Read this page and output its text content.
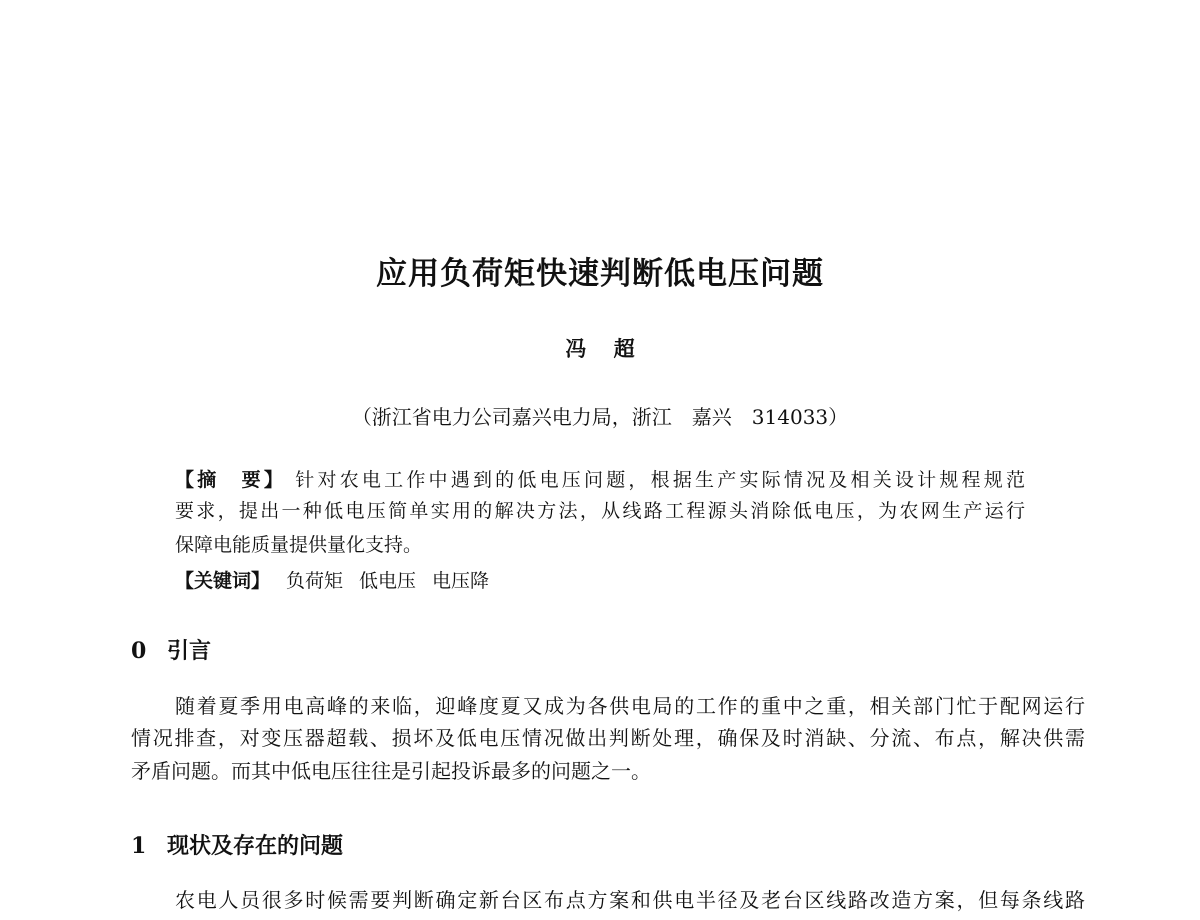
应用负荷矩快速判断低电压问题
冯 超
（浙江省电力公司嘉兴电力局，浙江　嘉兴　314033）
【摘　要】 针对农电工作中遇到的低电压问题，根据生产实际情况及相关设计规程规范
要求，提出一种低电压简单实用的解决方法，从线路工程源头消除低电压，为农网生产运行
保障电能质量提供量化支持。
【关键词】 负荷矩 低电压 电压降
0 引言
随着夏季用电高峰的来临，迎峰度夏又成为各供电局的工作的重中之重，相关部门忙于配网运行
情况排查，对变压器超载、损坏及低电压情况做出判断处理，确保及时消缺、分流、布点，解决供需
矛盾问题。而其中低电压往往是引起投诉最多的问题之一。
1 现状及存在的问题
农电人员很多时候需要判断确定新台区布点方案和供电半径及老台区线路改造方案，但每条线路
